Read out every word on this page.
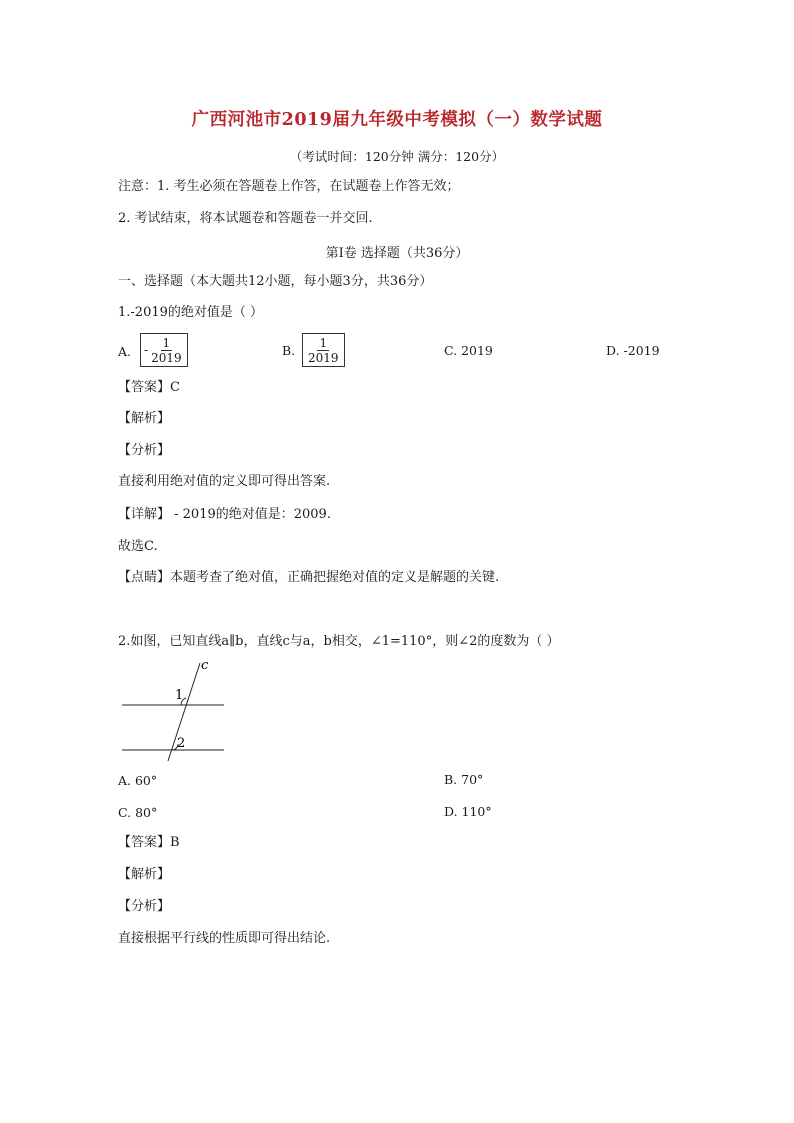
广西河池市2019届九年级中考模拟（一）数学试题
（考试时间：120分钟 满分：120分）
注意：1. 考生必须在答题卷上作答，在试题卷上作答无效；
2. 考试结束，将本试题卷和答题卷一并交回.
第Ⅰ卷 选择题（共36分）
一、选择题（本大题共12小题，每小题3分，共36分）
1.-2019的绝对值是（ ）
A. - $\frac{1}{2019}$	B. $\frac{1}{2019}$	C. 2019	D. -2019
【答案】C
【解析】
【分析】
直接利用绝对值的定义即可得出答案.
【详解】 - 2019的绝对值是：2009.
故选C.
【点睛】本题考查了绝对值，正确把握绝对值的定义是解题的关键.
2.如图，已知直线a∥b，直线c与a，b相交，∠1=110°，则∠2的度数为（ ）
c
1
2
A. 60°	B. 70°
C. 80°	D. 110°
【答案】B
【解析】
【分析】
直接根据平行线的性质即可得出结论.
